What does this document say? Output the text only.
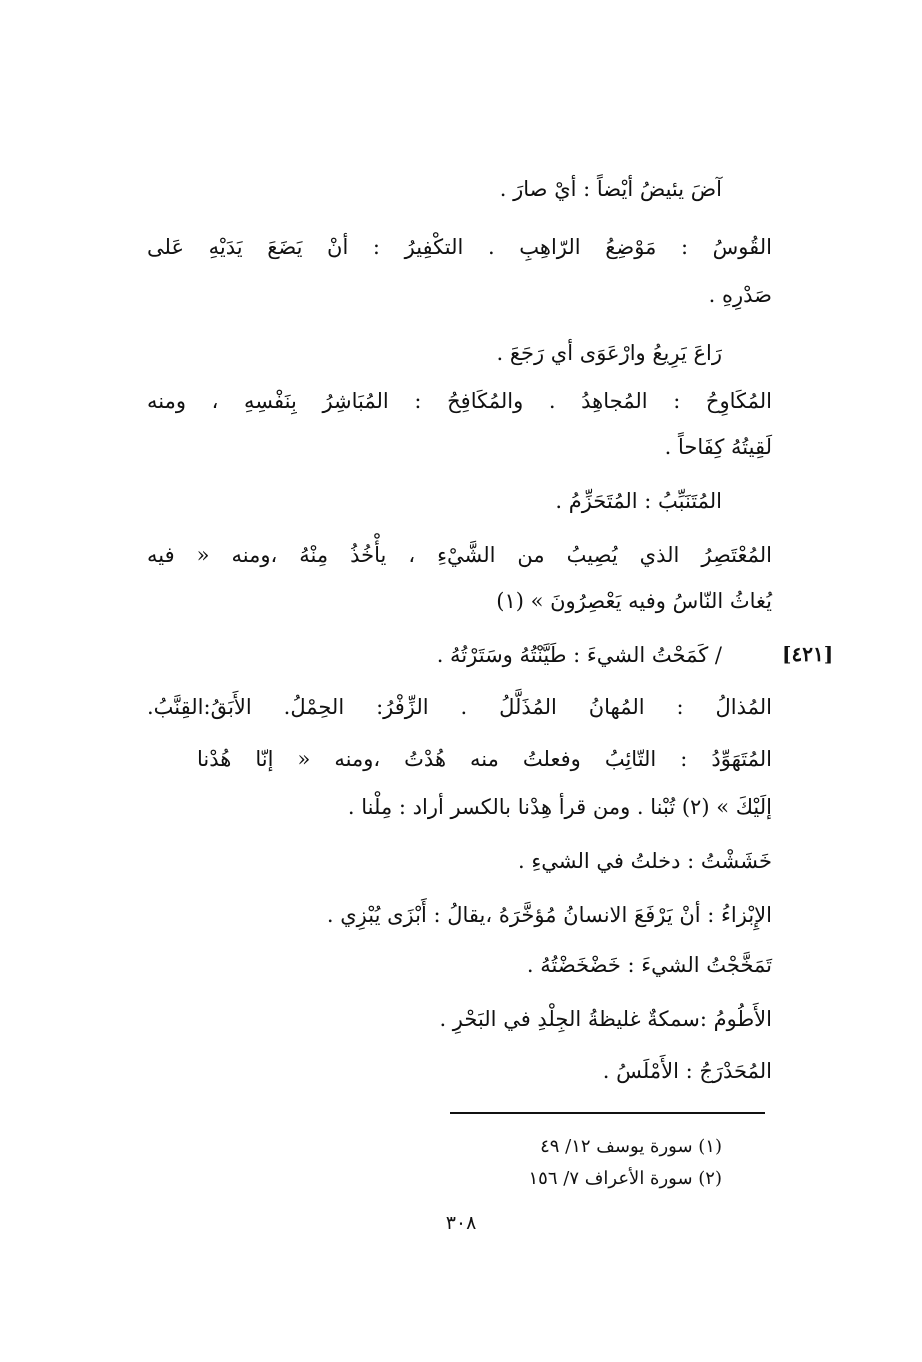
آضَ يئيضُ أيْضاً : أيْ صارَ .
القُوسُ : مَوْضِعُ الرّاهِبِ . التكْفِيرُ : أنْ يَضَعَ يَدَيْهِ عَلى
صَدْرِهِ .
رَاعَ يَرِيعُ وارْعَوَى أي رَجَعَ .
المُكَاوِحُ : المُجاهِدُ . والمُكَافِحُ : المُبَاشِرُ بِنَفْسِهِ ، ومنه
لَقِيتُهُ كِفَاحاً .
المُتَنَبِّبُ : المُتَحَزِّمُ .
المُعْتَصِرُ الذي يُصِيبُ من الشَّيْءِ ، يأْخُذُ مِنْهُ ،ومنه « فيه
يُغاثُ النّاسُ وفيه يَعْصِرُونَ » (١)
[٤٢١]
/ كَمَحْتُ الشيءَ : طَيَّنْتُهُ وسَتَرْتُهُ .
المُذالُ : المُهانُ المُذَلَّلُ . الزِّفْرُ: الحِمْلُ. الأَبَقُ:القِنَّبُ.
المُتَهَوِّدُ : التّائِبُ وفعلتُ منه هُدْتُ ،ومنه « إنّا هُدْنا
إلَيْكَ » (٢) تُبْنا . ومن قرأ هِدْنا بالكسر أراد : مِلْنا .
خَشَشْتُ : دخلتُ في الشيءِ .
الإِبْزاءُ : أنْ يَرْفَعَ الانسانُ مُؤخَّرَهُ ،يقالُ : أَبْزَى يُبْزِي .
تَمَخَّجْتُ الشيءَ : خَضْخَضْتُهُ .
الأَطُومُ :سمكةٌ غليظةُ الجِلْدِ في البَحْرِ .
المُحَدْرَجُ : الأَمْلَسُ .
(١) سورة يوسف ١٢/ ٤٩
(٢) سورة الأعراف ٧/ ١٥٦
٣٠٨
